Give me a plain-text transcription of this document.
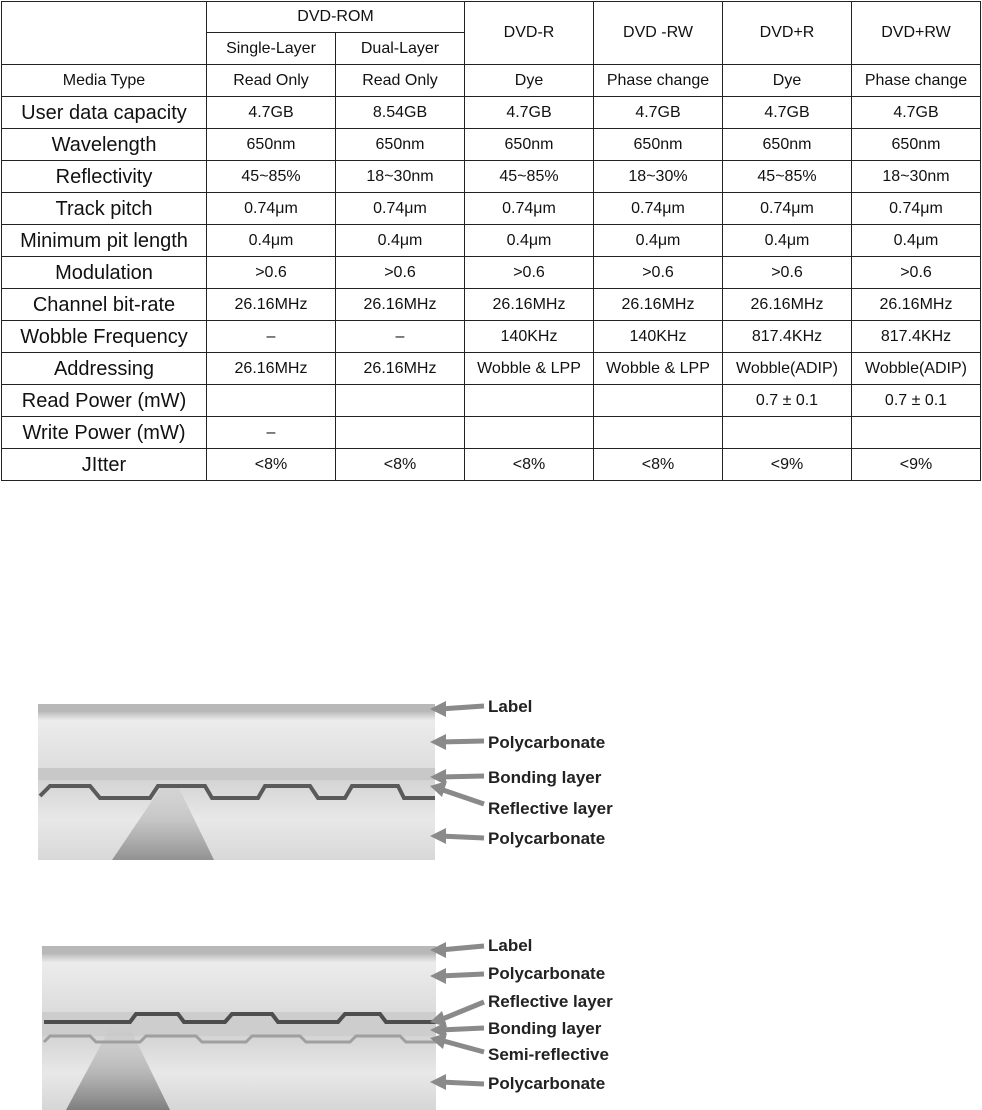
	DVD-ROM		DVD-R	DVD -RW	DVD+R	DVD+RW
	Single-Layer	Dual-Layer				
Media Type	Read Only	Read Only	Dye	Phase change	Dye	Phase change
User data capacity	4.7GB	8.54GB	4.7GB	4.7GB	4.7GB	4.7GB
Wavelength	650nm	650nm	650nm	650nm	650nm	650nm
Reflectivity	45~85%	18~30nm	45~85%	18~30%	45~85%	18~30nm
Track pitch	0.74μm	0.74μm	0.74μm	0.74μm	0.74μm	0.74μm
Minimum pit length	0.4μm	0.4μm	0.4μm	0.4μm	0.4μm	0.4μm
Modulation	>0.6	>0.6	>0.6	>0.6	>0.6	>0.6
Channel bit-rate	26.16MHz	26.16MHz	26.16MHz	26.16MHz	26.16MHz	26.16MHz
Wobble Frequency	–	–	140KHz	140KHz	817.4KHz	817.4KHz
Addressing	26.16MHz	26.16MHz	Wobble & LPP	Wobble & LPP	Wobble(ADIP)	Wobble(ADIP)
Read Power (mW)					0.7 ± 0.1	0.7 ± 0.1
Write Power (mW)	–					
JItter	<8%	<8%	<8%	<8%	<9%	<9%
Label
Polycarbonate
Bonding layer
Reflective layer
Polycarbonate
Label
Polycarbonate
Reflective layer
Bonding layer
Semi-reflective
Polycarbonate
